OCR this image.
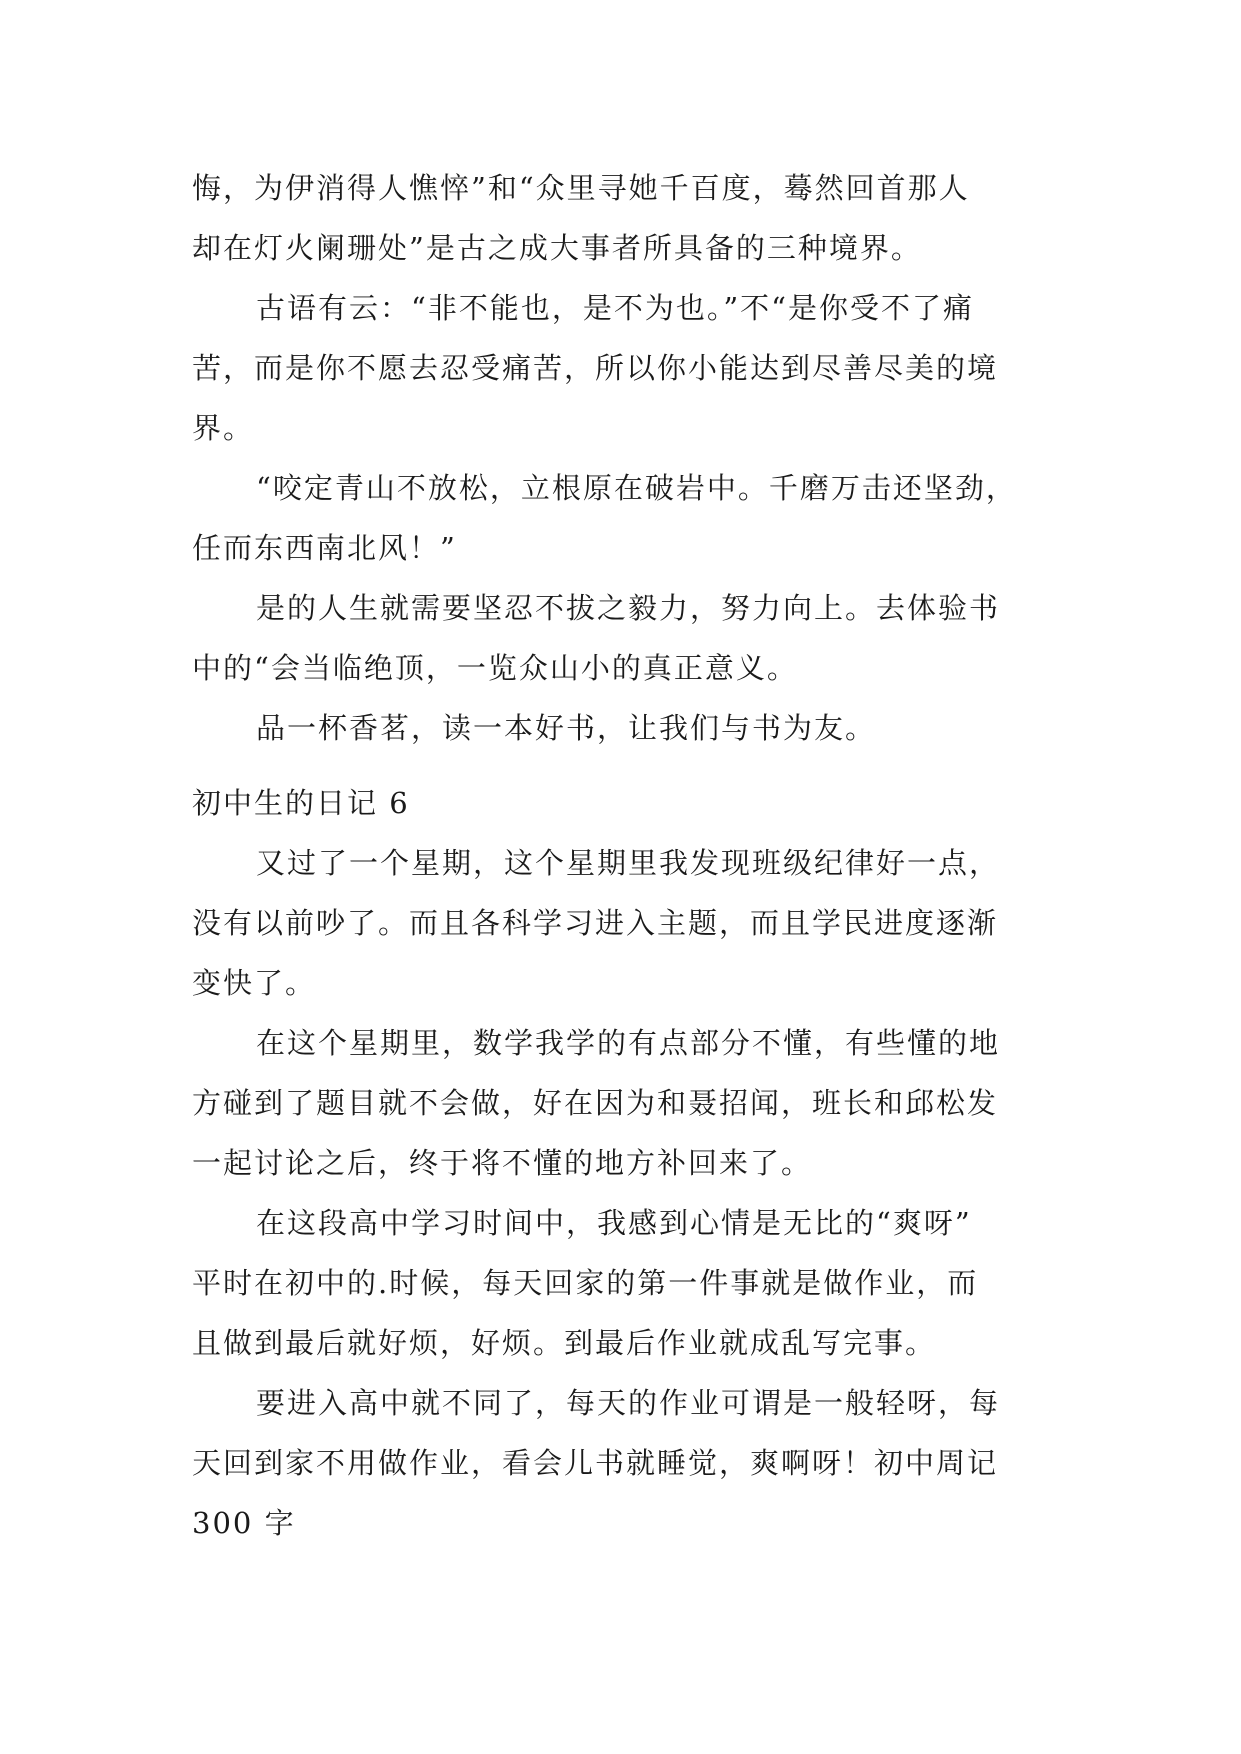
悔，为伊消得人憔悴”和“众里寻她千百度，蓦然回首那人
却在灯火阑珊处”是古之成大事者所具备的三种境界。
古语有云：“非不能也，是不为也。”不“是你受不了痛
苦，而是你不愿去忍受痛苦，所以你小能达到尽善尽美的境
界。
“咬定青山不放松，立根原在破岩中。千磨万击还坚劲，
任而东西南北风！”
是的人生就需要坚忍不拔之毅力，努力向上。去体验书
中的“会当临绝顶，一览众山小的真正意义。
品一杯香茗，读一本好书，让我们与书为友。
初中生的日记 6
又过了一个星期，这个星期里我发现班级纪律好一点，
没有以前吵了。而且各科学习进入主题，而且学民进度逐渐
变快了。
在这个星期里，数学我学的有点部分不懂，有些懂的地
方碰到了题目就不会做，好在因为和聂招闻，班长和邱松发
一起讨论之后，终于将不懂的地方补回来了。
在这段高中学习时间中，我感到心情是无比的“爽呀”
平时在初中的.时候，每天回家的第一件事就是做作业，而
且做到最后就好烦，好烦。到最后作业就成乱写完事。
要进入高中就不同了，每天的作业可谓是一般轻呀，每
天回到家不用做作业，看会儿书就睡觉，爽啊呀！初中周记
300 字
